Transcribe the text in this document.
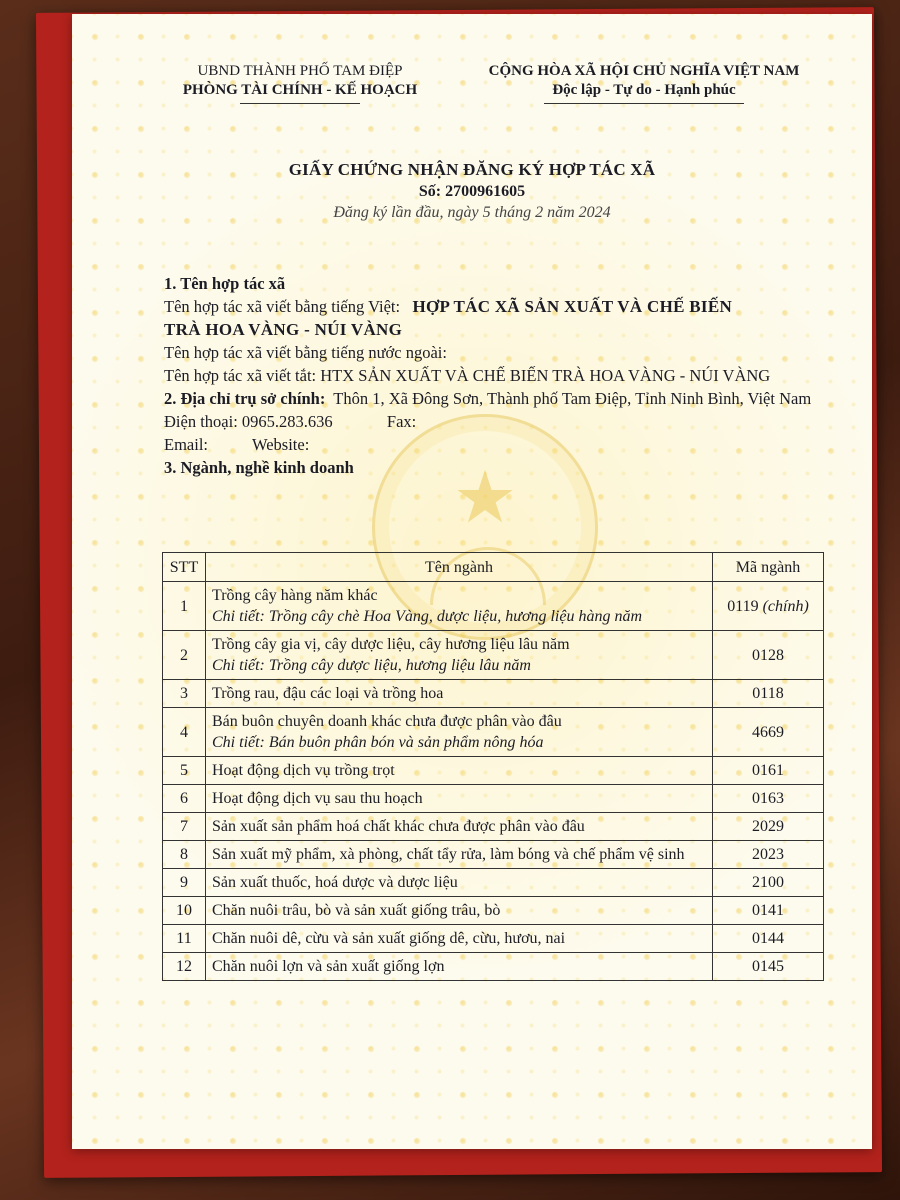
★
UBND THÀNH PHỐ TAM ĐIỆP
PHÒNG TÀI CHÍNH - KẾ HOẠCH
CỘNG HÒA XÃ HỘI CHỦ NGHĨA VIỆT NAM
Độc lập - Tự do - Hạnh phúc
GIẤY CHỨNG NHẬN ĐĂNG KÝ HỢP TÁC XÃ
Số: 2700961605
Đăng ký lần đầu, ngày 5 tháng 2 năm 2024

1. Tên hợp tác xã

Tên hợp tác xã viết bằng tiếng Việt: HỢP TÁC XÃ SẢN XUẤT VÀ CHẾ BIẾN

TRÀ HOA VÀNG - NÚI VÀNG

Tên hợp tác xã viết bằng tiếng nước ngoài:

Tên hợp tác xã viết tắt: HTX SẢN XUẤT VÀ CHẾ BIẾN TRÀ HOA VÀNG - NÚI VÀNG

2. Địa chỉ trụ sở chính: Thôn 1, Xã Đông Sơn, Thành phố Tam Điệp, Tỉnh Ninh Bình, Việt Nam

Điện thoại: 0965.283.636	Fax:

Email:	Website:

3. Ngành, nghề kinh doanh

STT	Tên ngành	Mã ngành
1	Trồng cây hàng năm khác
Chi tiết: Trồng cây chè Hoa Vàng, dược liệu, hương liệu hàng năm	0119 (chính)
2	Trồng cây gia vị, cây dược liệu, cây hương liệu lâu năm
Chi tiết: Trồng cây dược liệu, hương liệu lâu năm	0128
3	Trồng rau, đậu các loại và trồng hoa	0118
4	Bán buôn chuyên doanh khác chưa được phân vào đâu
Chi tiết: Bán buôn phân bón và sản phẩm nông hóa	4669
5	Hoạt động dịch vụ trồng trọt	0161
6	Hoạt động dịch vụ sau thu hoạch	0163
7	Sản xuất sản phẩm hoá chất khác chưa được phân vào đâu	2029
8	Sản xuất mỹ phẩm, xà phòng, chất tẩy rửa, làm bóng và chế phẩm vệ sinh	2023
9	Sản xuất thuốc, hoá dược và dược liệu	2100
10	Chăn nuôi trâu, bò và sản xuất giống trâu, bò	0141
11	Chăn nuôi dê, cừu và sản xuất giống dê, cừu, hươu, nai	0144
12	Chăn nuôi lợn và sản xuất giống lợn	0145
